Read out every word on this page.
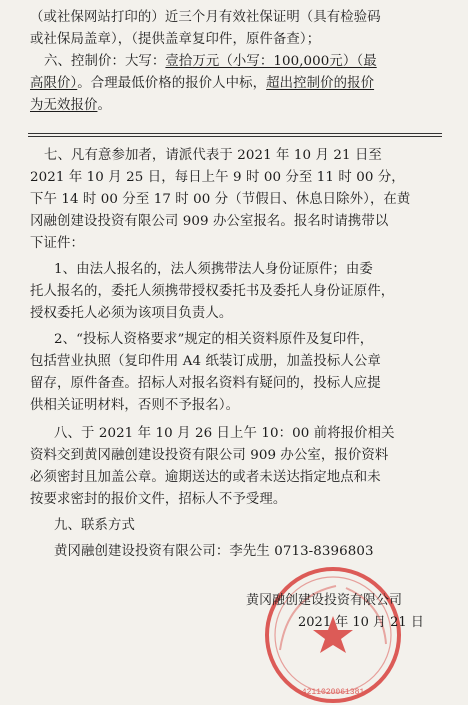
（或社保网站打印的）近三个月有效社保证明（具有检验码
或社保局盖章），（提供盖章复印件，原件备查）；
六、控制价：大写：壹拾万元（小写：100,000元）（最
高限价）。合理最低价格的报价人中标，超出控制价的报价
为无效报价。
七、凡有意参加者，请派代表于 2021 年 10 月 21 日至
2021 年 10 月 25 日，每日上午 9 时 00 分至 11 时 00 分，
下午 14 时 00 分至 17 时 00 分（节假日、休息日除外），在黄
冈融创建设投资有限公司 909 办公室报名。报名时请携带以
下证件：
1、由法人报名的，法人须携带法人身份证原件；由委
托人报名的，委托人须携带授权委托书及委托人身份证原件，
授权委托人必须为该项目负责人。
2、“投标人资格要求”规定的相关资料原件及复印件，
包括营业执照（复印件用 A4 纸装订成册，加盖投标人公章
留存，原件备查。招标人对报名资料有疑问的，投标人应提
供相关证明材料，否则不予报名）。
八、于 2021 年 10 月 26 日上午 10：00 前将报价相关
资料交到黄冈融创建设投资有限公司 909 办公室，报价资料
必须密封且加盖公章。逾期送达的或者未送达指定地点和未
按要求密封的报价文件，招标人不予受理。
九、联系方式
黄冈融创建设投资有限公司：李先生 0713-8396803
4211020061381
黄冈融创建设投资有限公司
2021 年 10 月 21 日
